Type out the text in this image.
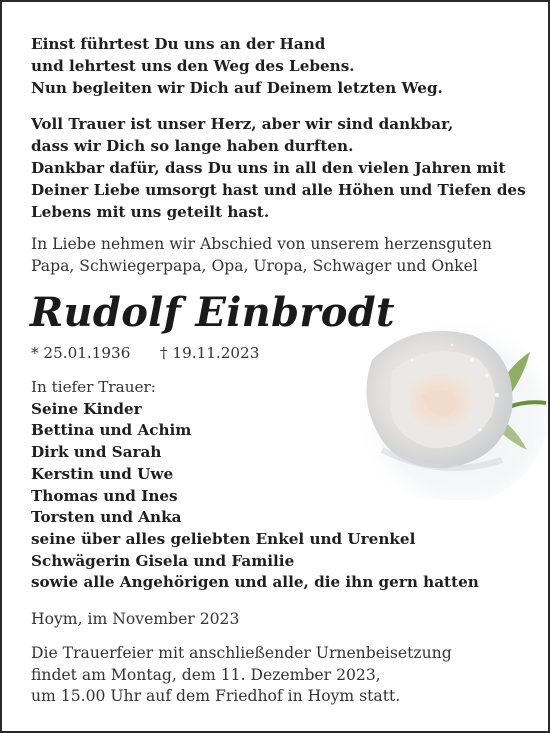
Einst führtest Du uns an der Hand
und lehrtest uns den Weg des Lebens.
Nun begleiten wir Dich auf Deinem letzten Weg.
Voll Trauer ist unser Herz, aber wir sind dankbar,
dass wir Dich so lange haben durften.
Dankbar dafür, dass Du uns in all den vielen Jahren mit
Deiner Liebe umsorgt hast und alle Höhen und Tiefen des
Lebens mit uns geteilt hast.
In Liebe nehmen wir Abschied von unserem herzensguten
Papa, Schwiegerpapa, Opa, Uropa, Schwager und Onkel
Rudolf Einbrodt
* 25.01.1936 † 19.11.2023
In tiefer Trauer:
Seine Kinder
Bettina und Achim
Dirk und Sarah
Kerstin und Uwe
Thomas und Ines
Torsten und Anka
seine über alles geliebten Enkel und Urenkel
Schwägerin Gisela und Familie
sowie alle Angehörigen und alle, die ihn gern hatten
Hoym, im November 2023
Die Trauerfeier mit anschließender Urnenbeisetzung
findet am Montag, dem 11. Dezember 2023,
um 15.00 Uhr auf dem Friedhof in Hoym statt.
